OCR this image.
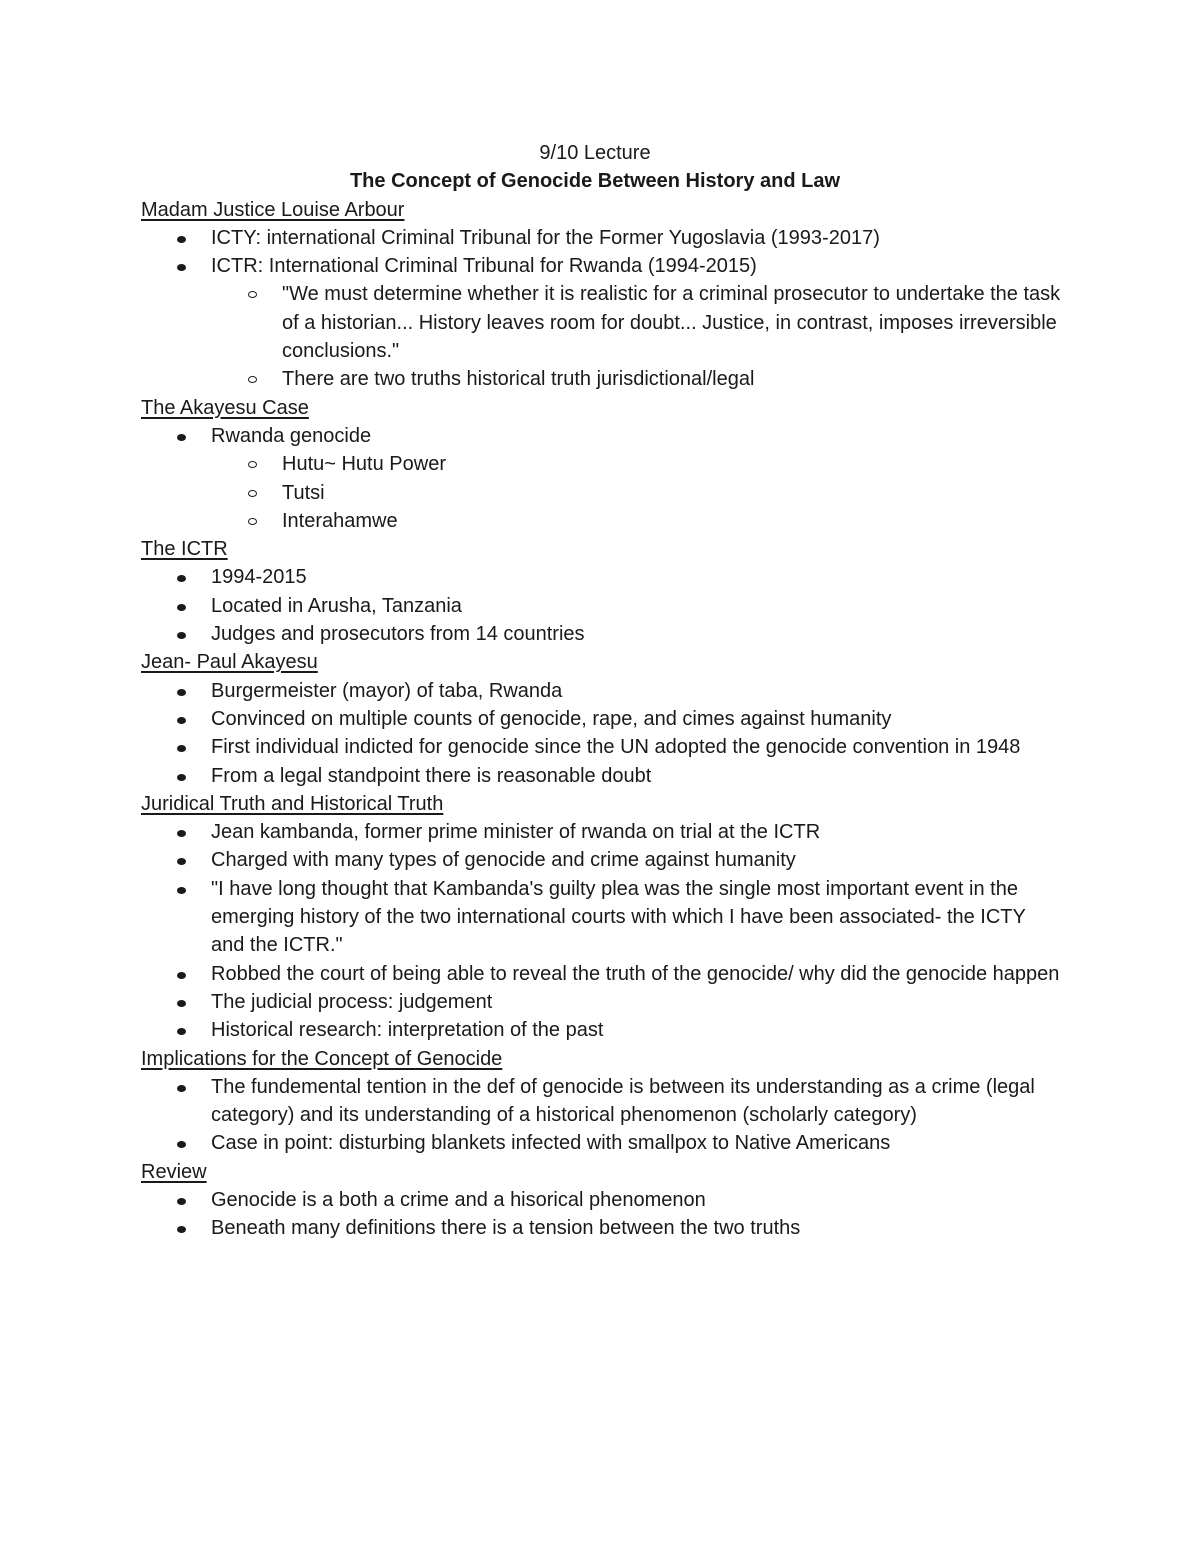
9/10 Lecture
The Concept of Genocide Between History and Law
Madam Justice Louise Arbour
ICTY: international Criminal Tribunal for the Former Yugoslavia (1993-2017)
ICTR: International Criminal Tribunal for Rwanda (1994-2015)
"We must determine whether it is realistic for a criminal prosecutor to undertake the task of a historian... History leaves room for doubt... Justice, in contrast, imposes irreversible conclusions."
There are two truths historical truth jurisdictional/legal
The Akayesu Case
Rwanda genocide
Hutu~ Hutu Power
Tutsi
Interahamwe
The ICTR
1994-2015
Located in Arusha, Tanzania
Judges and prosecutors from 14 countries
Jean- Paul Akayesu
Burgermeister (mayor) of taba, Rwanda
Convinced on multiple counts of genocide, rape, and cimes against humanity
First individual indicted for genocide since the UN adopted the genocide convention in 1948
From a legal standpoint there is reasonable doubt
Juridical Truth and Historical Truth
Jean kambanda, former prime minister of rwanda on trial at the ICTR
Charged with many types of genocide and crime against humanity
"I have long thought that Kambanda's guilty plea was the single most important event in the emerging history of the two international courts with which I have been associated- the ICTY and the ICTR."
Robbed the court of being able to reveal the truth of the genocide/ why did the genocide happen
The judicial process: judgement
Historical research: interpretation of the past
Implications for the Concept of Genocide
The fundemental tention in the def of genocide is between its understanding as a crime (legal category) and its understanding of a historical phenomenon (scholarly category)
Case in point: disturbing blankets infected with smallpox to Native Americans
Review
Genocide is a both a crime and a hisorical phenomenon
Beneath many definitions there is a tension between the two truths
